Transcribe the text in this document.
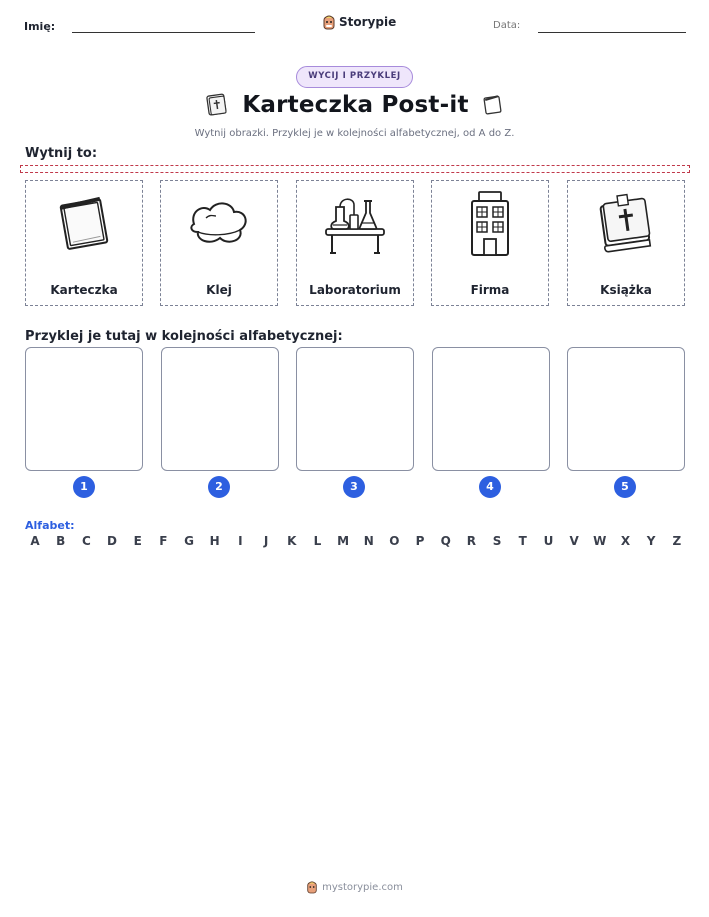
Imię:	Storypie	Data:
WYCIJ I PRZYKLEJ
Karteczka Post-it
Wytnij obrazki. Przyklej je w kolejności alfabetycznej, od A do Z.
Wytnij to:
Karteczka	Klej	Laboratorium	Firma	Książka
Przyklej je tutaj w kolejności alfabetycznej:
1	2	3	4	5
Alfabet:
A B C D E F G H	I	J	K L M N O P Q R S T U V W X Y Z
mystorypie.com
